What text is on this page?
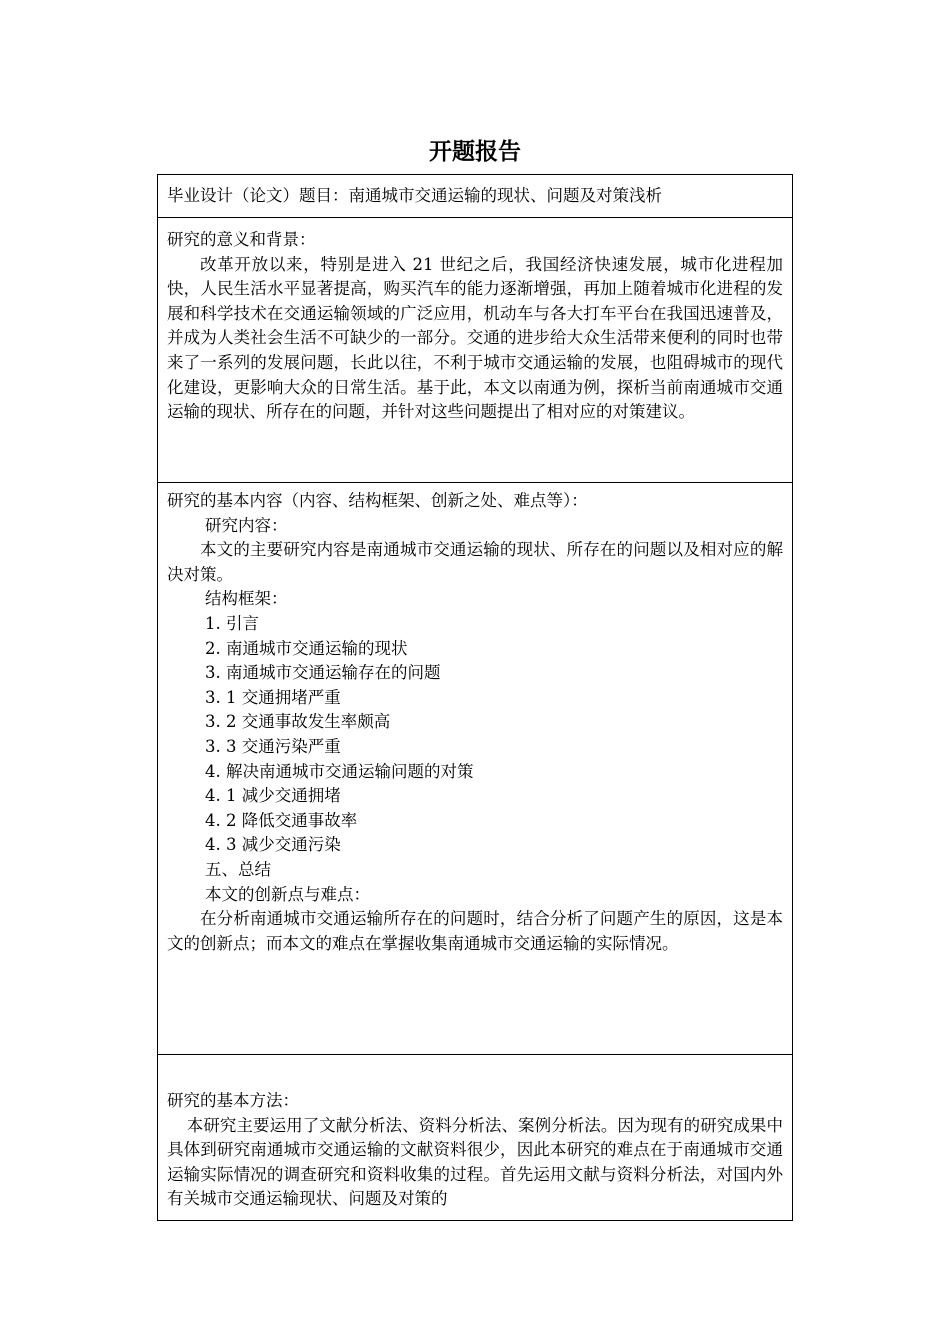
开题报告

毕业设计（论文）题目：南通城市交通运输的现状、问题及对策浅析

研究的意义和背景：

改革开放以来，特别是进入 21 世纪之后，我国经济快速发展，城市化进程加快，人民生活水平显著提高，购买汽车的能力逐渐增强，再加上随着城市化进程的发展和科学技术在交通运输领域的广泛应用，机动车与各大打车平台在我国迅速普及，并成为人类社会生活不可缺少的一部分。交通的进步给大众生活带来便利的同时也带来了一系列的发展问题，长此以往，不利于城市交通运输的发展，也阻碍城市的现代化建设，更影响大众的日常生活。基于此，本文以南通为例，探析当前南通城市交通运输的现状、所存在的问题，并针对这些问题提出了相对应的对策建议。

研究的基本内容（内容、结构框架、创新之处、难点等）：

研究内容：

本文的主要研究内容是南通城市交通运输的现状、所存在的问题以及相对应的解决对策。

结构框架：

1. 引言

2. 南通城市交通运输的现状

3. 南通城市交通运输存在的问题

3. 1 交通拥堵严重

3. 2 交通事故发生率颇高

3. 3 交通污染严重

4. 解决南通城市交通运输问题的对策

4. 1 减少交通拥堵

4. 2 降低交通事故率

4. 3 减少交通污染

五、总结

本文的创新点与难点：

在分析南通城市交通运输所存在的问题时，结合分析了问题产生的原因，这是本文的创新点；而本文的难点在掌握收集南通城市交通运输的实际情况。

研究的基本方法：

本研究主要运用了文献分析法、资料分析法、案例分析法。因为现有的研究成果中具体到研究南通城市交通运输的文献资料很少，因此本研究的难点在于南通城市交通运输实际情况的调查研究和资料收集的过程。首先运用文献与资料分析法，对国内外有关城市交通运输现状、问题及对策的
